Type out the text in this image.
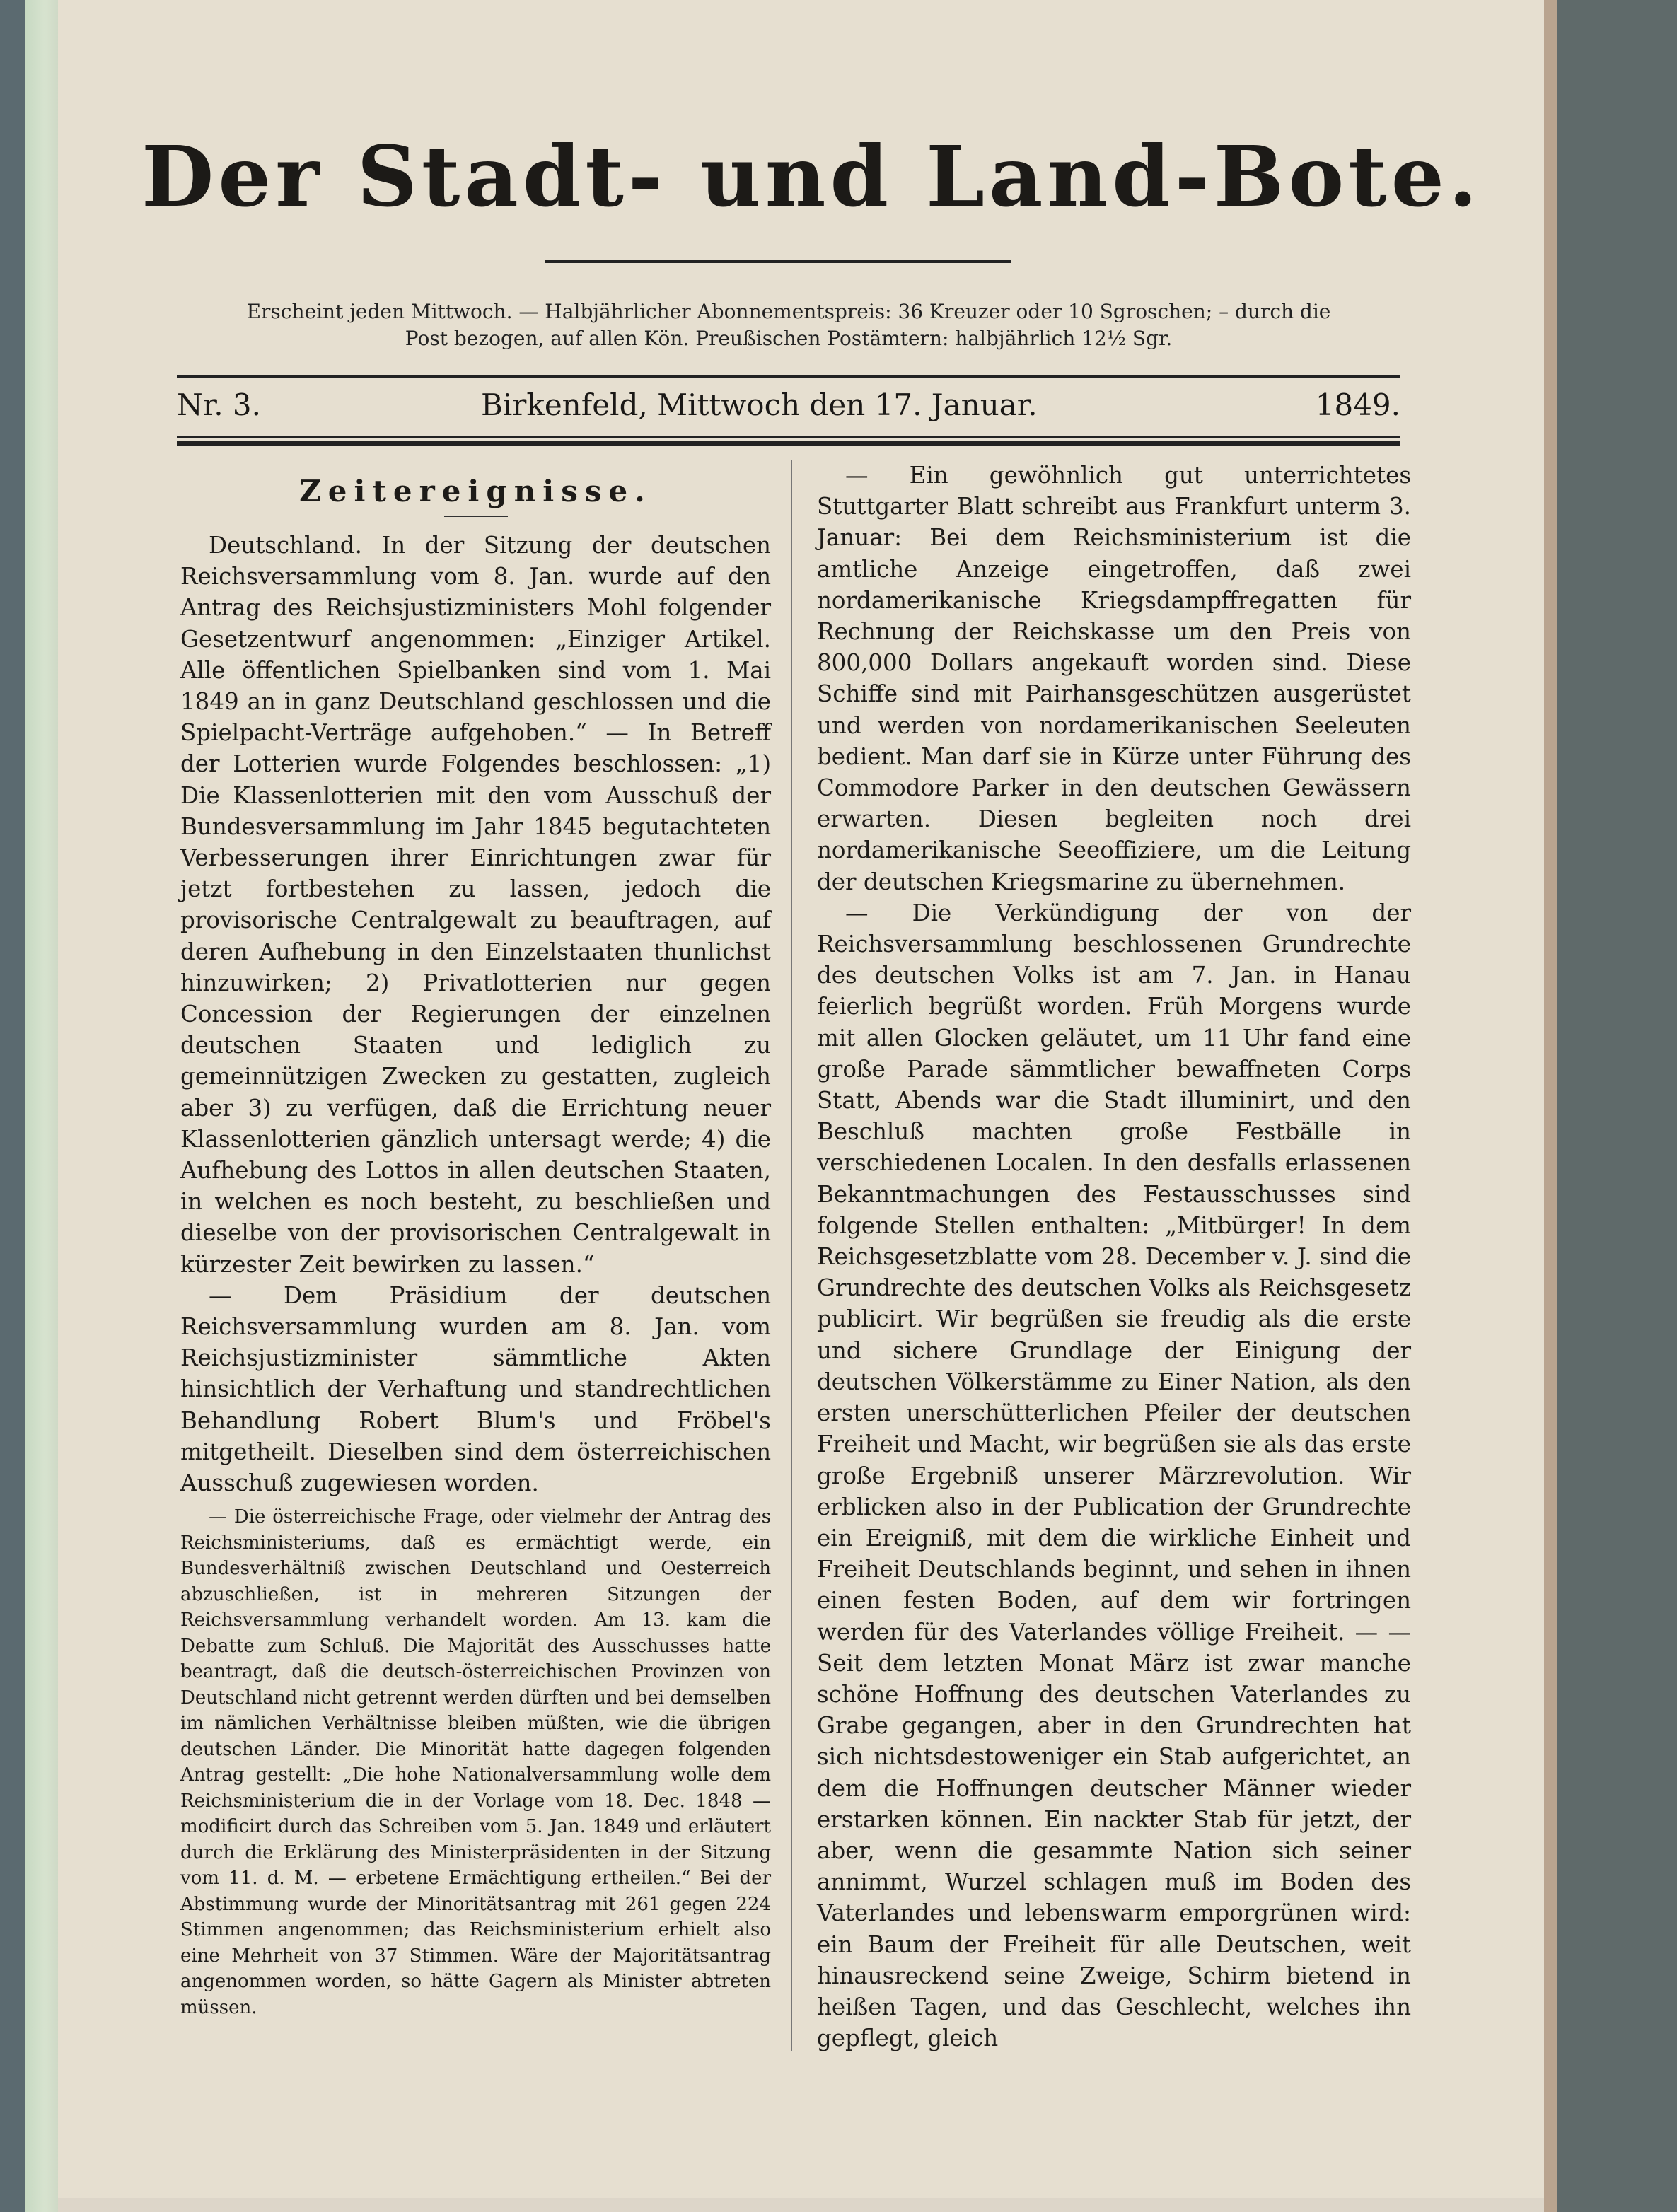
Der Stadt- und Land-Bote.
Erscheint jeden Mittwoch. — Halbjährlicher Abonnementspreis: 36 Kreuzer oder 10 Sgroschen; – durch die
Post bezogen, auf allen Kön. Preußischen Postämtern: halbjährlich 12½ Sgr.
Nr. 3.	Birkenfeld, Mittwoch den 17. Januar.	1849.
Zeitereignisse.

Deutschland. In der Sitzung der deutschen Reichsversammlung vom 8. Jan. wurde auf den Antrag des Reichsjustizministers Mohl folgender Gesetzentwurf angenommen: „Einziger Artikel. Alle öffentlichen Spielbanken sind vom 1. Mai 1849 an in ganz Deutschland geschlossen und die Spielpacht-Verträge aufgehoben.“ — In Betreff der Lotterien wurde Folgendes beschlossen: „1) Die Klassenlotterien mit den vom Ausschuß der Bundesversammlung im Jahr 1845 begutachteten Verbesserungen ihrer Einrichtungen zwar für jetzt fortbestehen zu lassen, jedoch die provisorische Centralgewalt zu beauftragen, auf deren Aufhebung in den Einzelstaaten thunlichst hinzuwirken; 2) Privatlotterien nur gegen Concession der Regierungen der einzelnen deutschen Staaten und lediglich zu gemeinnützigen Zwecken zu gestatten, zugleich aber 3) zu verfügen, daß die Errichtung neuer Klassenlotterien gänzlich untersagt werde; 4) die Aufhebung des Lottos in allen deutschen Staaten, in welchen es noch besteht, zu beschließen und dieselbe von der provisorischen Centralgewalt in kürzester Zeit bewirken zu lassen.“

— Dem Präsidium der deutschen Reichsversammlung wurden am 8. Jan. vom Reichsjustizminister sämmtliche Akten hinsichtlich der Verhaftung und standrechtlichen Behandlung Robert Blum's und Fröbel's mitgetheilt. Dieselben sind dem österreichischen Ausschuß zugewiesen worden.

— Die österreichische Frage, oder vielmehr der Antrag des Reichsministeriums, daß es ermächtigt werde, ein Bundesverhältniß zwischen Deutschland und Oesterreich abzuschließen, ist in mehreren Sitzungen der Reichsversammlung verhandelt worden. Am 13. kam die Debatte zum Schluß. Die Majorität des Ausschusses hatte beantragt, daß die deutsch-österreichischen Provinzen von Deutschland nicht getrennt werden dürften und bei demselben im nämlichen Verhältnisse bleiben müßten, wie die übrigen deutschen Länder. Die Minorität hatte dagegen folgenden Antrag gestellt: „Die hohe Nationalversammlung wolle dem Reichsministerium die in der Vorlage vom 18. Dec. 1848 — modificirt durch das Schreiben vom 5. Jan. 1849 und erläutert durch die Erklärung des Ministerpräsidenten in der Sitzung vom 11. d. M. — erbetene Ermächtigung ertheilen.“ Bei der Abstimmung wurde der Minoritätsantrag mit 261 gegen 224 Stimmen angenommen; das Reichsministerium erhielt also eine Mehrheit von 37 Stimmen. Wäre der Majoritätsantrag angenommen worden, so hätte Gagern als Minister abtreten müssen.

— Ein gewöhnlich gut unterrichtetes Stuttgarter Blatt schreibt aus Frankfurt unterm 3. Januar: Bei dem Reichsministerium ist die amtliche Anzeige eingetroffen, daß zwei nordamerikanische Kriegsdampffregatten für Rechnung der Reichskasse um den Preis von 800,000 Dollars angekauft worden sind. Diese Schiffe sind mit Pairhansgeschützen ausgerüstet und werden von nordamerikanischen Seeleuten bedient. Man darf sie in Kürze unter Führung des Commodore Parker in den deutschen Gewässern erwarten. Diesen begleiten noch drei nordamerikanische Seeoffiziere, um die Leitung der deutschen Kriegsmarine zu übernehmen.

— Die Verkündigung der von der Reichsversammlung beschlossenen Grundrechte des deutschen Volks ist am 7. Jan. in Hanau feierlich begrüßt worden. Früh Morgens wurde mit allen Glocken geläutet, um 11 Uhr fand eine große Parade sämmtlicher bewaffneten Corps Statt, Abends war die Stadt illuminirt, und den Beschluß machten große Festbälle in verschiedenen Localen. In den desfalls erlassenen Bekanntmachungen des Festausschusses sind folgende Stellen enthalten: „Mitbürger! In dem Reichsgesetzblatte vom 28. December v. J. sind die Grundrechte des deutschen Volks als Reichsgesetz publicirt. Wir begrüßen sie freudig als die erste und sichere Grundlage der Einigung der deutschen Völkerstämme zu Einer Nation, als den ersten unerschütterlichen Pfeiler der deutschen Freiheit und Macht, wir begrüßen sie als das erste große Ergebniß unserer Märzrevolution. Wir erblicken also in der Publication der Grundrechte ein Ereigniß, mit dem die wirkliche Einheit und Freiheit Deutschlands beginnt, und sehen in ihnen einen festen Boden, auf dem wir fortringen werden für des Vaterlandes völlige Freiheit. — — Seit dem letzten Monat März ist zwar manche schöne Hoffnung des deutschen Vaterlandes zu Grabe gegangen, aber in den Grundrechten hat sich nichtsdestoweniger ein Stab aufgerichtet, an dem die Hoffnungen deutscher Männer wieder erstarken können. Ein nackter Stab für jetzt, der aber, wenn die gesammte Nation sich seiner annimmt, Wurzel schlagen muß im Boden des Vaterlandes und lebenswarm emporgrünen wird: ein Baum der Freiheit für alle Deutschen, weit hinausreckend seine Zweige, Schirm bietend in heißen Tagen, und das Geschlecht, welches ihn gepflegt, gleich
